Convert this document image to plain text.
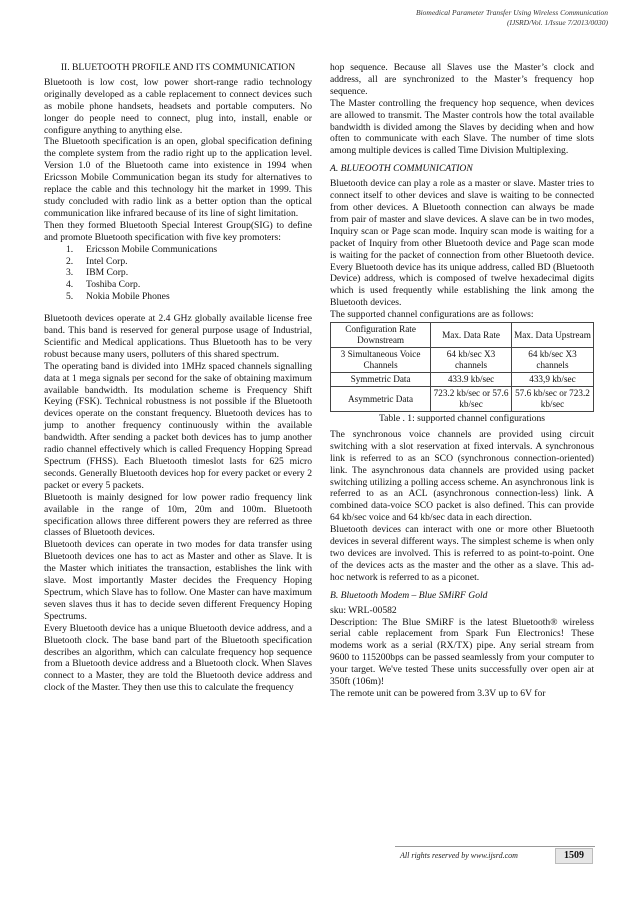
Biomedical Parameter Transfer Using Wireless Communication
(IJSRD/Vol. 1/Issue 7/2013/0030)
II. BLUETOOTH PROFILE AND ITS COMMUNICATION

Bluetooth is low cost, low power short-range radio technology originally developed as a cable replacement to connect devices such as mobile phone handsets, headsets and portable computers. No longer do people need to connect, plug into, install, enable or configure anything to anything else.

The Bluetooth specification is an open, global specification defining the complete system from the radio right up to the application level. Version 1.0 of the Bluetooth came into existence in 1994 when Ericsson Mobile Communication began its study for alternatives to replace the cable and this technology hit the market in 1999. This study concluded with radio link as a better option than the optical communication like infrared because of its line of sight limitation.

Then they formed Bluetooth Special Interest Group(SIG) to define and promote Bluetooth specification with five key promoters:

1.	Ericsson Mobile Communications
2.	Intel Corp.
3.	IBM Corp.
4.	Toshiba Corp.
5.	Nokia Mobile Phones

Bluetooth devices operate at 2.4 GHz globally available license free band. This band is reserved for general purpose usage of Industrial, Scientific and Medical applications. Thus Bluetooth has to be very robust because many users, polluters of this shared spectrum.

The operating band is divided into 1MHz spaced channels signalling data at 1 mega signals per second for the sake of obtaining maximum available bandwidth. Its modulation scheme is Frequency Shift Keying (FSK). Technical robustness is not possible if the Bluetooth devices operate on the constant frequency. Bluetooth devices has to jump to another frequency continuously within the available bandwidth. After sending a packet both devices has to jump another radio channel effectively which is called Frequency Hopping Spread Spectrum (FHSS). Each Bluetooth timeslot lasts for 625 micro seconds. Generally Bluetooth devices hop for every packet or every 2 packet or every 5 packets.

Bluetooth is mainly designed for low power radio frequency link available in the range of 10m, 20m and 100m. Bluetooth specification allows three different powers they are referred as three classes of Bluetooth devices.

Bluetooth devices can operate in two modes for data transfer using Bluetooth devices one has to act as Master and other as Slave. It is the Master which initiates the transaction, establishes the link with slave. Most importantly Master decides the Frequency Hoping Spectrum, which Slave has to follow. One Master can have maximum seven slaves thus it has to decide seven different Frequency Hoping Spectrums.

Every Bluetooth device has a unique Bluetooth device address, and a Bluetooth clock. The base band part of the Bluetooth specification describes an algorithm, which can calculate frequency hop sequence from a Bluetooth device address and a Bluetooth clock. When Slaves connect to a Master, they are told the Bluetooth device address and clock of the Master. They then use this to calculate the frequency

hop sequence. Because all Slaves use the Master’s clock and address, all are synchronized to the Master’s frequency hop sequence.

The Master controlling the frequency hop sequence, when devices are allowed to transmit. The Master controls how the total available bandwidth is divided among the Slaves by deciding when and how often to communicate with each Slave. The number of time slots among multiple devices is called Time Division Multiplexing.

A. BLUEOOTH COMMUNICATION

Bluetooth device can play a role as a master or slave. Master tries to connect itself to other devices and slave is waiting to be connected from other devices. A Bluetooth connection can always be made from pair of master and slave devices. A slave can be in two modes, Inquiry scan or Page scan mode. Inquiry scan mode is waiting for a packet of Inquiry from other Bluetooth device and Page scan mode is waiting for the packet of connection from other Bluetooth device. Every Bluetooth device has its unique address, called BD (Bluetooth Device) address, which is composed of twelve hexadecimal digits which is used frequently while establishing the link among the Bluetooth devices.

The supported channel configurations are as follows:

Configuration Rate Downstream	Max. Data Rate	Max. Data Upstream
3 Simultaneous Voice Channels	64 kb/sec X3 channels	64 kb/sec X3 channels
Symmetric Data	433.9 kb/sec	433,9 kb/sec
Asymmetric Data	723.2 kb/sec or 57.6 kb/sec	57.6 kb/sec or 723.2 kb/sec
Table . 1: supported channel configurations

The synchronous voice channels are provided using circuit switching with a slot reservation at fixed intervals. A synchronous link is referred to as an SCO (synchronous connection-oriented) link. The asynchronous data channels are provided using packet switching utilizing a polling access scheme. An asynchronous link is referred to as an ACL (asynchronous connection-less) link. A combined data-voice SCO packet is also defined. This can provide 64 kb/sec voice and 64 kb/sec data in each direction.

Bluetooth devices can interact with one or more other Bluetooth devices in several different ways. The simplest scheme is when only two devices are involved. This is referred to as point-to-point. One of the devices acts as the master and the other as a slave. This ad-hoc network is referred to as a piconet.

B. Bluetooth Modem – Blue SMiRF Gold

sku: WRL-00582

Description: The Blue SMiRF is the latest Bluetooth® wireless serial cable replacement from Spark Fun Electronics! These modems work as a serial (RX/TX) pipe. Any serial stream from 9600 to 115200bps can be passed seamlessly from your computer to your target. We've tested These units successfully over open air at 350ft (106m)!

The remote unit can be powered from 3.3V up to 6V for

All rights reserved by www.ijsrd.com	1509
